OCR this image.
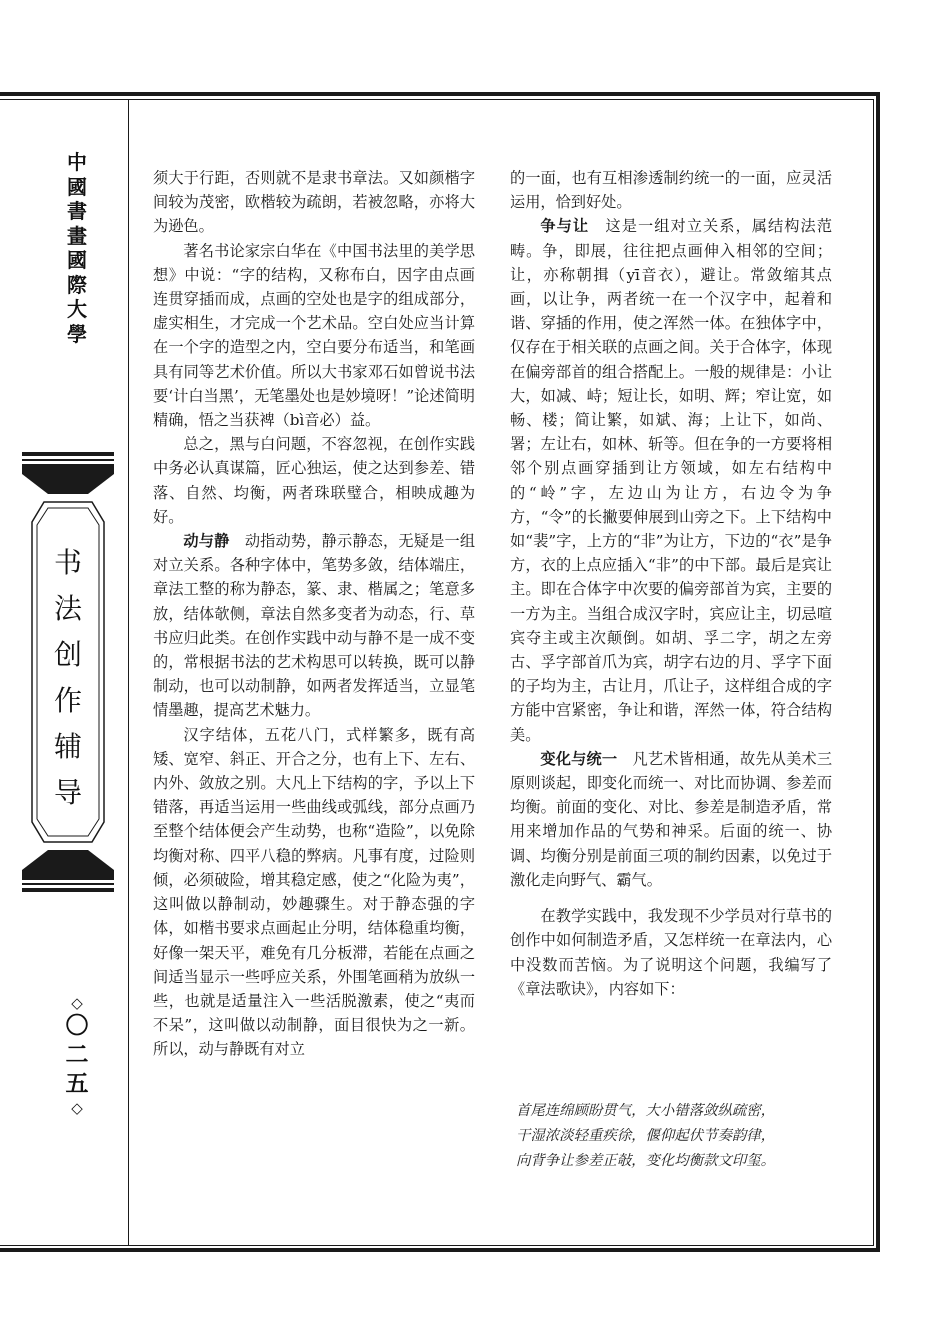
中
國
書
畫
國
際
大
學
书
法
创
作
辅
导
◇
〇
二
五
◇

须大于行距，否则就不是隶书章法。又如颜楷字间较为茂密，欧楷较为疏朗，若被忽略，亦将大为逊色。

著名书论家宗白华在《中国书法里的美学思想》中说：“字的结构，又称布白，因字由点画连贯穿插而成，点画的空处也是字的组成部分，虚实相生，才完成一个艺术品。空白处应当计算在一个字的造型之内，空白要分布适当，和笔画具有同等艺术价值。所以大书家邓石如曾说书法要‘计白当黑’，无笔墨处也是妙境呀！”论述简明精确，悟之当获裨（bì音必）益。

总之，黑与白问题，不容忽视，在创作实践中务必认真谋篇，匠心独运，使之达到参差、错落、自然、均衡，两者珠联璧合，相映成趣为好。

动与静　 动指动势，静示静态，无疑是一组对立关系。各种字体中，笔势多敛，结体端庄，章法工整的称为静态，篆、隶、楷属之；笔意多放，结体欹侧，章法自然多变者为动态，行、草书应归此类。在创作实践中动与静不是一成不变的，常根据书法的艺术构思可以转换，既可以静制动，也可以动制静，如两者发挥适当，立显笔情墨趣，提高艺术魅力。

汉字结体，五花八门，式样繁多，既有高矮、宽窄、斜正、开合之分，也有上下、左右、内外、敛放之别。大凡上下结构的字，予以上下错落，再适当运用一些曲线或弧线，部分点画乃至整个结体便会产生动势，也称“造险”，以免除均衡对称、四平八稳的弊病。凡事有度，过险则倾，必须破险，增其稳定感，使之“化险为夷”，这叫做以静制动，妙趣骤生。对于静态强的字体，如楷书要求点画起止分明，结体稳重均衡，好像一架天平，难免有几分板滞，若能在点画之间适当显示一些呼应关系，外围笔画稍为放纵一些，也就是适量注入一些活脱激素，使之“夷而不呆”，这叫做以动制静，面目很快为之一新。所以，动与静既有对立

的一面，也有互相渗透制约统一的一面，应灵活运用，恰到好处。

争与让　 这是一组对立关系，属结构法范畴。争，即展，往往把点画伸入相邻的空间；让，亦称朝揖（yī音衣），避让。常敛缩其点画，以让争，两者统一在一个汉字中，起着和谐、穿插的作用，使之浑然一体。在独体字中，仅存在于相关联的点画之间。关于合体字，体现在偏旁部首的组合搭配上。一般的规律是：小让大，如减、峙；短让长，如明、辉；窄让宽，如畅、楼；简让繁，如斌、海；上让下，如尚、署；左让右，如林、斩等。但在争的一方要将相邻个别点画穿插到让方领域，如左右结构中的“岭”字，左边山为让方，右边令为争方，“令”的长撇要伸展到山旁之下。上下结构中如“裴”字，上方的“非”为让方，下边的“衣”是争方，衣的上点应插入“非”的中下部。最后是宾让主。即在合体字中次要的偏旁部首为宾，主要的一方为主。当组合成汉字时，宾应让主，切忌喧宾夺主或主次颠倒。如胡、孚二字，胡之左旁古、孚字部首爪为宾，胡字右边的月、孚字下面的子均为主，古让月，爪让子，这样组合成的字方能中宫紧密，争让和谐，浑然一体，符合结构美。

变化与统一　 凡艺术皆相通，故先从美术三原则谈起，即变化而统一、对比而协调、参差而均衡。前面的变化、对比、参差是制造矛盾，常用来增加作品的气势和神采。后面的统一、协调、均衡分别是前面三项的制约因素，以免过于激化走向野气、霸气。

在教学实践中，我发现不少学员对行草书的创作中如何制造矛盾，又怎样统一在章法内，心中没数而苦恼。为了说明这个问题，我编写了《章法歌诀》，内容如下：

首尾连绵顾盼贯气，大小错落敛纵疏密，

干湿浓淡轻重疾徐，偃仰起伏节奏韵律，

向背争让参差正敧，变化均衡款文印玺。
